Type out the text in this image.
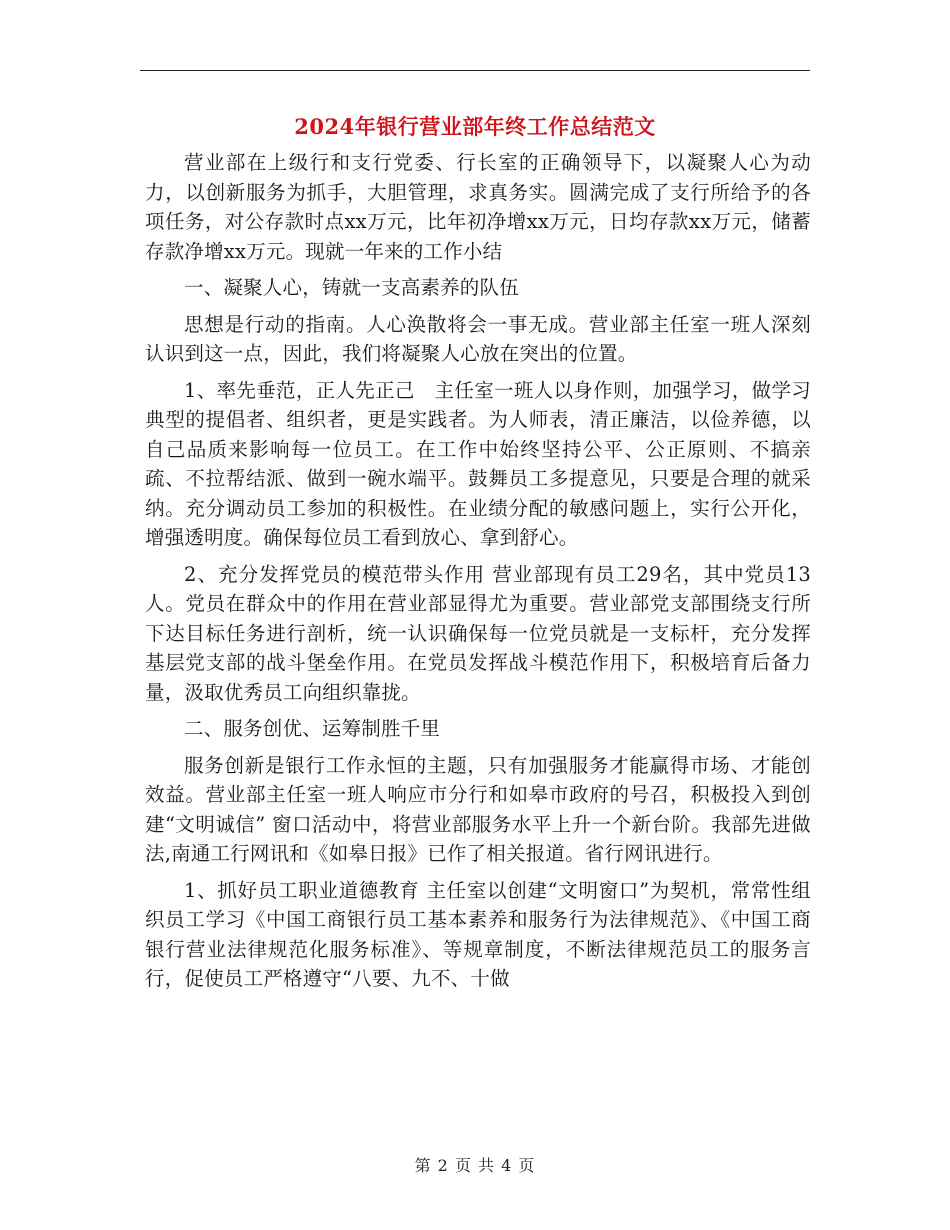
2024年银行营业部年终工作总结范文

营业部在上级行和支行党委、行长室的正确领导下，以凝聚人心为动力，以创新服务为抓手，大胆管理，求真务实。圆满完成了支行所给予的各项任务，对公存款时点xx万元，比年初净增xx万元，日均存款xx万元，储蓄存款净增xx万元。现就一年来的工作小结

一、凝聚人心，铸就一支高素养的队伍

思想是行动的指南。人心涣散将会一事无成。营业部主任室一班人深刻认识到这一点，因此，我们将凝聚人心放在突出的位置。

1、率先垂范，正人先正己　主任室一班人以身作则，加强学习，做学习典型的提倡者、组织者，更是实践者。为人师表，清正廉洁，以俭养德，以自己品质来影响每一位员工。在工作中始终坚持公平、公正原则、不搞亲疏、不拉帮结派、做到一碗水端平。鼓舞员工多提意见，只要是合理的就采纳。充分调动员工参加的积极性。在业绩分配的敏感问题上，实行公开化，增强透明度。确保每位员工看到放心、拿到舒心。

2、充分发挥党员的模范带头作用 营业部现有员工29名，其中党员13人。党员在群众中的作用在营业部显得尤为重要。营业部党支部围绕支行所下达目标任务进行剖析，统一认识确保每一位党员就是一支标杆，充分发挥基层党支部的战斗堡垒作用。在党员发挥战斗模范作用下，积极培育后备力量，汲取优秀员工向组织靠拢。

二、服务创优、运筹制胜千里

服务创新是银行工作永恒的主题，只有加强服务才能赢得市场、才能创效益。营业部主任室一班人响应市分行和如皋市政府的号召，积极投入到创建“文明诚信” 窗口活动中，将营业部服务水平上升一个新台阶。我部先进做法,南通工行网讯和《如皋日报》已作了相关报道。省行网讯进行。

1、抓好员工职业道德教育 主任室以创建“文明窗口”为契机，常常性组织员工学习《中国工商银行员工基本素养和服务行为法律规范》、《中国工商银行营业法律规范化服务标准》、等规章制度，不断法律规范员工的服务言行，促使员工严格遵守“八要、九不、十做

第 2 页 共 4 页
